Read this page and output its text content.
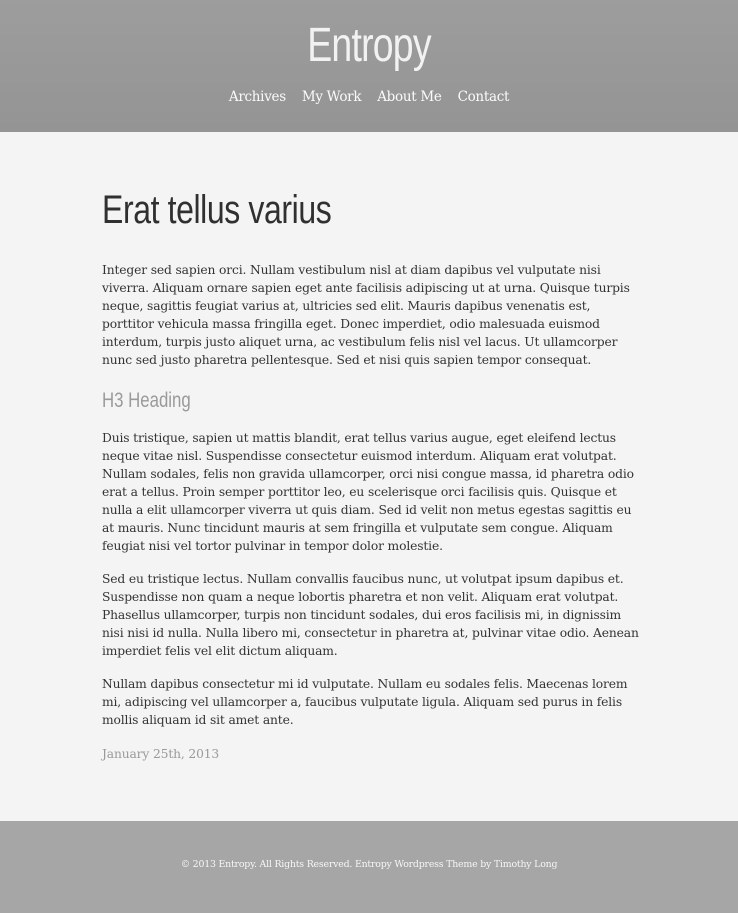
Entropy
Archives My Work About Me Contact
Erat tellus varius

Integer sed sapien orci. Nullam vestibulum nisl at diam dapibus vel vulputate nisi viverra. Aliquam ornare sapien eget ante facilisis adipiscing ut at urna. Quisque turpis neque, sagittis feugiat varius at, ultricies sed elit. Mauris dapibus venenatis est, porttitor vehicula massa fringilla eget. Donec imperdiet, odio malesuada euismod interdum, turpis justo aliquet urna, ac vestibulum felis nisl vel lacus. Ut ullamcorper nunc sed justo pharetra pellentesque. Sed et nisi quis sapien tempor consequat.

H3 Heading

Duis tristique, sapien ut mattis blandit, erat tellus varius augue, eget eleifend lectus neque vitae nisl. Suspendisse consectetur euismod interdum. Aliquam erat volutpat. Nullam sodales, felis non gravida ullamcorper, orci nisi congue massa, id pharetra odio erat a tellus. Proin semper porttitor leo, eu scelerisque orci facilisis quis. Quisque et nulla a elit ullamcorper viverra ut quis diam. Sed id velit non metus egestas sagittis eu at mauris. Nunc tincidunt mauris at sem fringilla et vulputate sem congue. Aliquam feugiat nisi vel tortor pulvinar in tempor dolor molestie.

Sed eu tristique lectus. Nullam convallis faucibus nunc, ut volutpat ipsum dapibus et. Suspendisse non quam a neque lobortis pharetra et non velit. Aliquam erat volutpat. Phasellus ullamcorper, turpis non tincidunt sodales, dui eros facilisis mi, in dignissim nisi nisi id nulla. Nulla libero mi, consectetur in pharetra at, pulvinar vitae odio. Aenean imperdiet felis vel elit dictum aliquam.

Nullam dapibus consectetur mi id vulputate. Nullam eu sodales felis. Maecenas lorem mi, adipiscing vel ullamcorper a, faucibus vulputate ligula. Aliquam sed purus in felis mollis aliquam id sit amet ante.

January 25th, 2013
© 2013 Entropy. All Rights Reserved. Entropy Wordpress Theme by Timothy Long
